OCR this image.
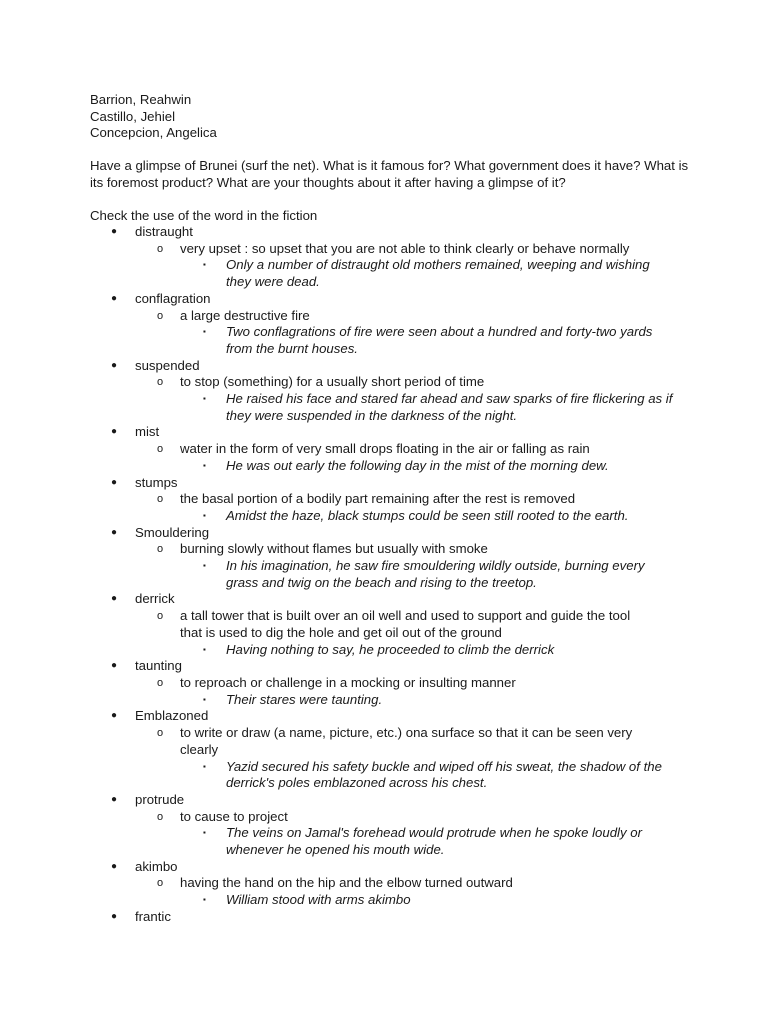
Barrion, Reahwin
Castillo, Jehiel
Concepcion, Angelica
Have a glimpse of Brunei (surf the net). What is it famous for? What government does it have? What is its foremost product? What are your thoughts about it after having a glimpse of it?
Check the use of the word in the fiction
● distraught
o very upset : so upset that you are not able to think clearly or behave normally
▪ Only a number of distraught old mothers remained, weeping and wishing they were dead.
● conflagration
o a large destructive fire
▪ Two conflagrations of fire were seen about a hundred and forty-two yards from the burnt houses.
● suspended
o to stop (something) for a usually short period of time
▪ He raised his face and stared far ahead and saw sparks of fire flickering as if they were suspended in the darkness of the night.
● mist
o water in the form of very small drops floating in the air or falling as rain
▪ He was out early the following day in the mist of the morning dew.
● stumps
o the basal portion of a bodily part remaining after the rest is removed
▪ Amidst the haze, black stumps could be seen still rooted to the earth.
● Smouldering
o burning slowly without flames but usually with smoke
▪ In his imagination, he saw fire smouldering wildly outside, burning every grass and twig on the beach and rising to the treetop.
● derrick
o a tall tower that is built over an oil well and used to support and guide the tool that is used to dig the hole and get oil out of the ground
▪ Having nothing to say, he proceeded to climb the derrick
● taunting
o to reproach or challenge in a mocking or insulting manner
▪ Their stares were taunting.
● Emblazoned
o to write or draw (a name, picture, etc.) ona surface so that it can be seen very clearly
▪ Yazid secured his safety buckle and wiped off his sweat, the shadow of the derrick's poles emblazoned across his chest.
● protrude
o to cause to project
▪ The veins on Jamal's forehead would protrude when he spoke loudly or whenever he opened his mouth wide.
● akimbo
o having the hand on the hip and the elbow turned outward
▪ William stood with arms akimbo
● frantic
